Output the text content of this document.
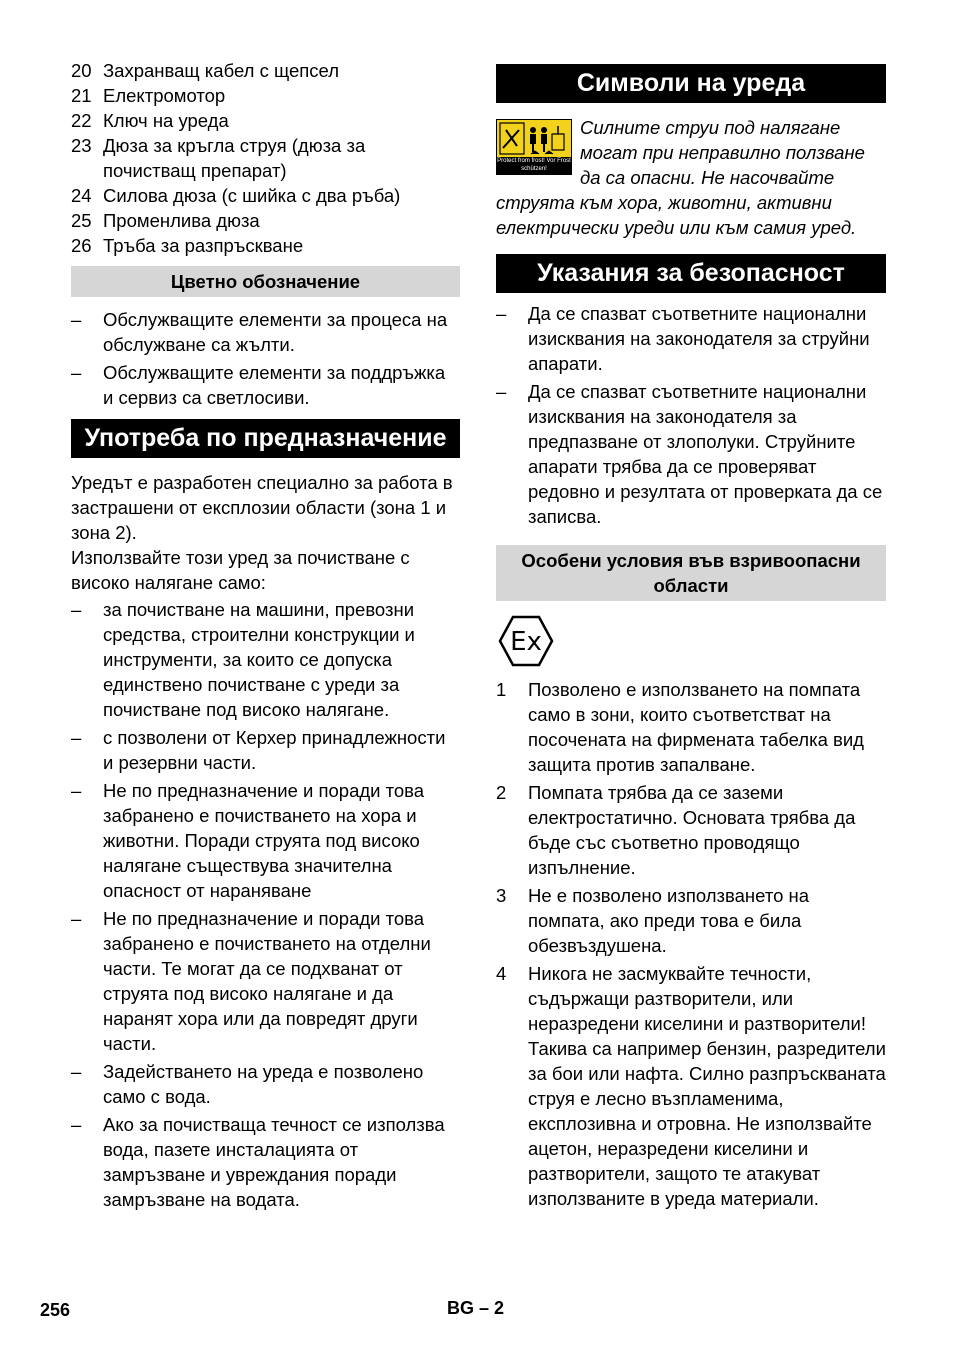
20 Захранващ кабел с щепсел
21 Електромотор
22 Ключ на уреда
23 Дюза за кръгла струя (дюза за почистващ препарат)
24 Силова дюза (с шийка с два ръба)
25 Променлива дюза
26 Тръба за разпръскване
Цветно обозначение
–	Обслужващите елементи за процеса на обслужване са жълти.
–	Обслужващите елементи за поддръжка и сервиз са светлосиви.
Употреба по предназначение

Уредът е разработен специално за работа в застрашени от експлозии области (зона 1 и зона 2).

Използвайте този уред за почистване с високо налягане само:

–	за почистване на машини, превозни средства, строителни конструкции и инструменти, за които се допуска единствено почистване с уреди за почистване под високо налягане.
–	с позволени от Керхер принадлежности и резервни части.
–	Не по предназначение и поради това забранено е почистването на хора и животни. Поради струята под високо налягане съществува значителна опасност от нараняване
–	Не по предназначение и поради това забранено е почистването на отделни части. Те могат да се подхванат от струята под високо налягане и да наранят хора или да повредят други части.
–	Задействането на уреда е позволено само с вода.
–	Ако за почистваща течност се използва вода, пазете инсталацията от замръзване и увреждания поради замръзване на водата.
Символи на уреда
Protect from frost! Vor Frost schützen!
Силните струи под налягане могат при неправилно ползване да са опасни. Не насочвайте струята към хора, животни, активни електрически уреди или към самия уред.
Указания за безопасност
–	Да се спазват съответните национални изисквания на законодателя за струйни апарати.
–	Да се спазват съответните национални изисквания на законодателя за предпазване от злополуки. Струйните апарати трябва да се проверяват редовно и резултата от проверката да се записва.
Особени условия във взривоопасни области
Ex
1	Позволено е използването на помпата само в зони, които съответстват на посочената на фирмената табелка вид защита против запалване.
2	Помпата трябва да се заземи електростатично. Основата трябва да бъде със съответно проводящо изпълнение.
3	Не е позволено използването на помпата, ако преди това е била обезвъздушена.
4	Никога не засмуквайте течности, съдържащи разтворители, или неразредени киселини и разтворители! Такива са например бензин, разредители за бои или нафта. Силно разпръскваната струя е лесно възпламенима, експлозивна и отровна. Не използвайте ацетон, неразредени киселини и разтворители, защото те атакуват използваните в уреда материали.
256	BG – 2
